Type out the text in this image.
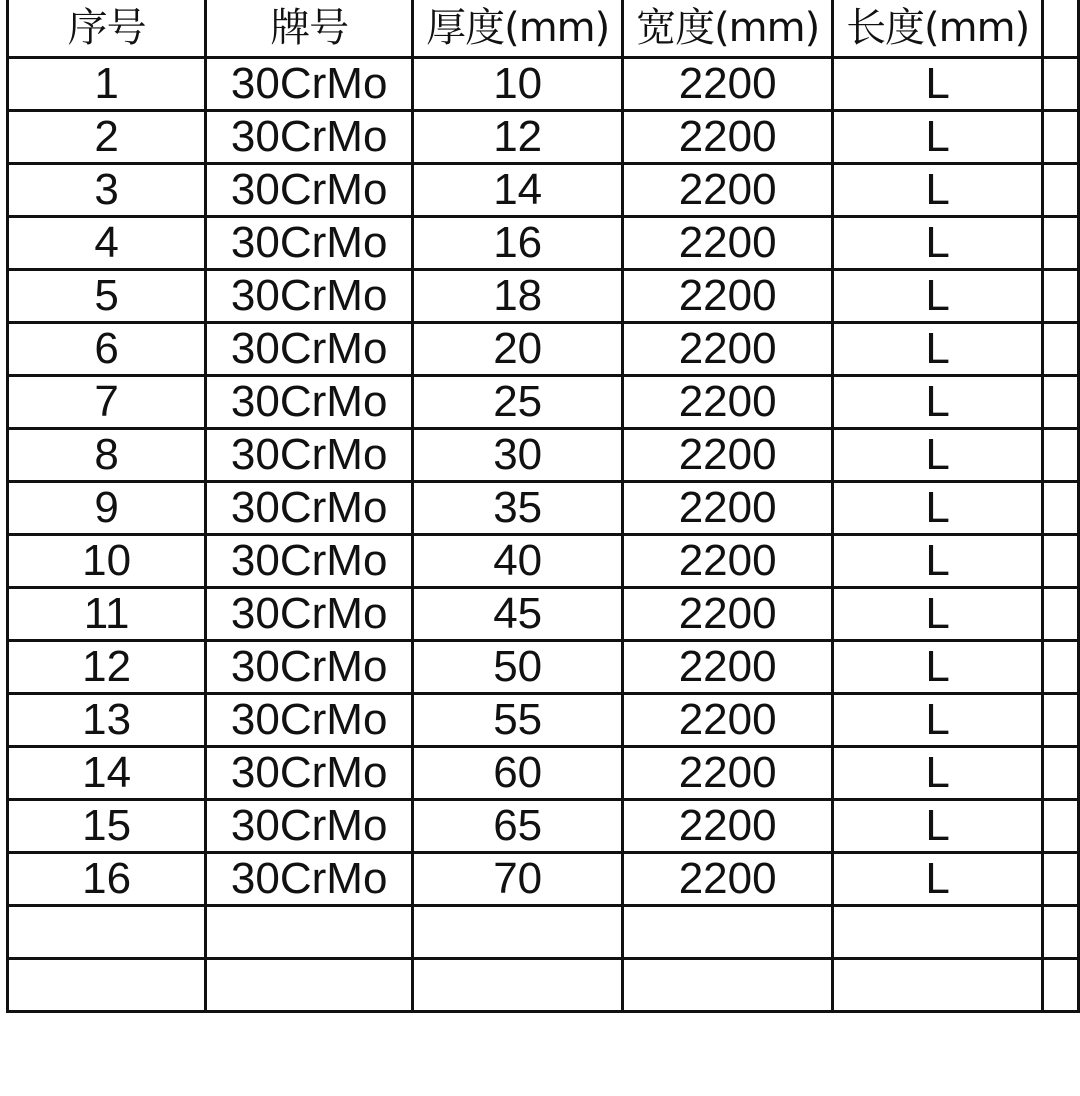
序号	牌号	厚度(mm)	宽度(mm)	长度(mm)	
1	30CrMo	10	2200	L	
2	30CrMo	12	2200	L	
3	30CrMo	14	2200	L	
4	30CrMo	16	2200	L	
5	30CrMo	18	2200	L	
6	30CrMo	20	2200	L	
7	30CrMo	25	2200	L	
8	30CrMo	30	2200	L	
9	30CrMo	35	2200	L	
10	30CrMo	40	2200	L	
11	30CrMo	45	2200	L	
12	30CrMo	50	2200	L	
13	30CrMo	55	2200	L	
14	30CrMo	60	2200	L	
15	30CrMo	65	2200	L	
16	30CrMo	70	2200	L	
